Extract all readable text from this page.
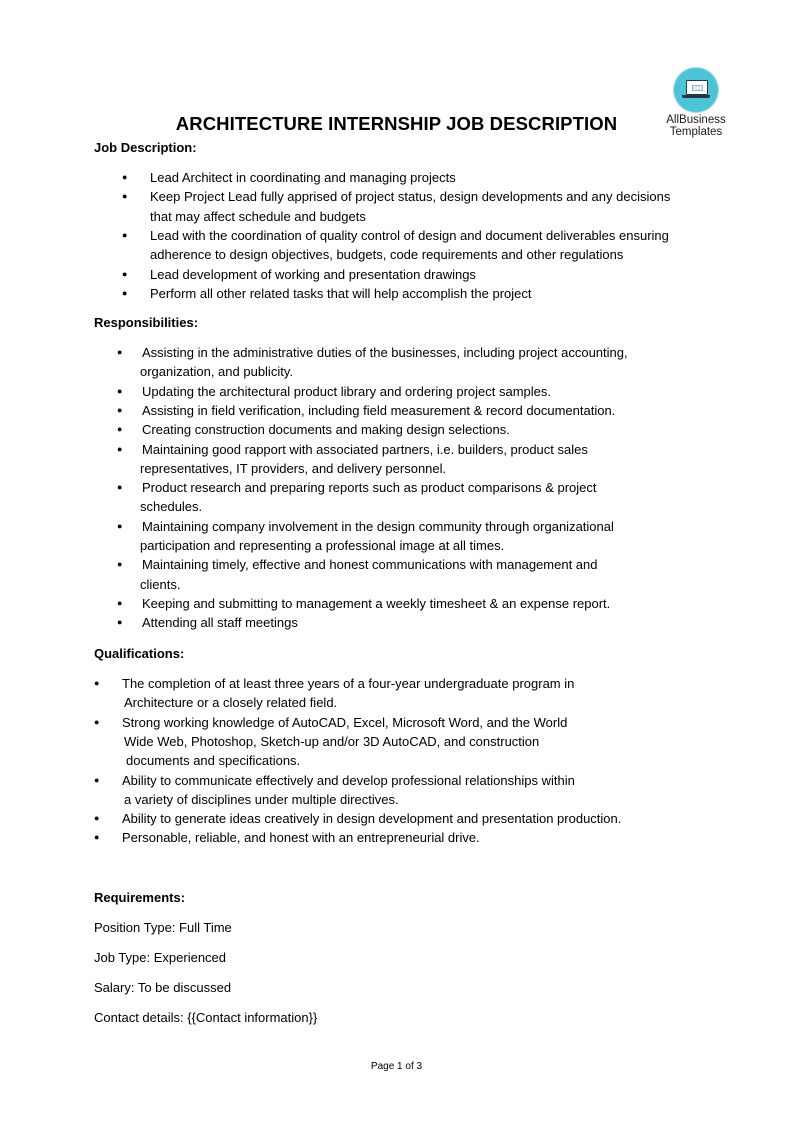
AllBusiness
Templates
ARCHITECTURE INTERNSHIP JOB DESCRIPTION
Page 1 of 3
Job Description:
● Lead Architect in coordinating and managing projects
● Keep Project Lead fully apprised of project status, design developments and any decisions
that may affect schedule and budgets
● Lead with the coordination of quality control of design and document deliverables ensuring
adherence to design objectives, budgets, code requirements and other regulations
● Lead development of working and presentation drawings
● Perform all other related tasks that will help accomplish the project
Responsibilities:
● Assisting in the administrative duties of the businesses, including project accounting,
organization, and publicity.
● Updating the architectural product library and ordering project samples.
● Assisting in field verification, including field measurement & record documentation.
● Creating construction documents and making design selections.
● Maintaining good rapport with associated partners, i.e. builders, product sales
representatives, IT providers, and delivery personnel.
● Product research and preparing reports such as product comparisons & project
schedules.
● Maintaining company involvement in the design community through organizational
participation and representing a professional image at all times.
● Maintaining timely, effective and honest communications with management and
clients.
● Keeping and submitting to management a weekly timesheet & an expense report.
● Attending all staff meetings
Qualifications:
● The completion of at least three years of a four-year undergraduate program in
Architecture or a closely related field.
● Strong working knowledge of AutoCAD, Excel, Microsoft Word, and the World
Wide Web, Photoshop, Sketch-up and/or 3D AutoCAD, and construction
documents and specifications.
● Ability to communicate effectively and develop professional relationships within
a variety of disciplines under multiple directives.
● Ability to generate ideas creatively in design development and presentation production.
● Personable, reliable, and honest with an entrepreneurial drive.
Requirements:
Position Type: Full Time
Job Type: Experienced
Salary: To be discussed
Contact details: {{Contact information}}
